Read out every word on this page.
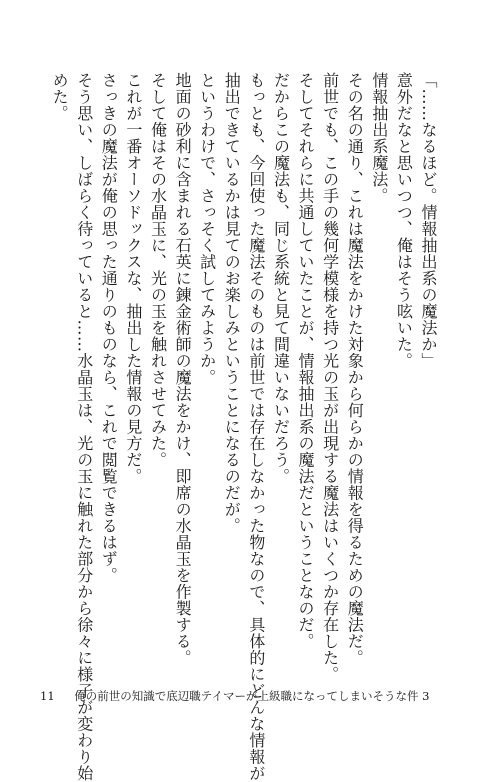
「……なるほど。情報抽出系の魔法か」
意外だなと思いつつ、俺はそう呟いた。
情報抽出系魔法。
その名の通り、これは魔法をかけた対象から何らかの情報を得るための魔法だ。
前世でも、この手の幾何学模様を持つ光の玉が出現する魔法はいくつか存在した。
そしてそれらに共通していたことが、情報抽出系の魔法だということなのだ。
だからこの魔法も、同じ系統と見て間違いないだろう。
もっとも、今回使った魔法そのものは前世では存在しなかった物なので、具体的にどんな情報が
抽出できているかは見てのお楽しみということになるのだが。
というわけで、さっそく試してみようか。
地面の砂利に含まれる石英に錬金術師の魔法をかけ、即席の水晶玉を作製する。
そして俺はその水晶玉に、光の玉を触れさせてみた。
これが一番オーソドックスな、抽出した情報の見方だ。
さっきの魔法が俺の思った通りのものなら、これで閲覧できるはず。
そう思い、しばらく待っていると……水晶玉は、光の玉に触れた部分から徐々に様子が変わり始
めた。
11 俺の前世の知識で底辺職テイマーが上級職になってしまいそうな件 3
